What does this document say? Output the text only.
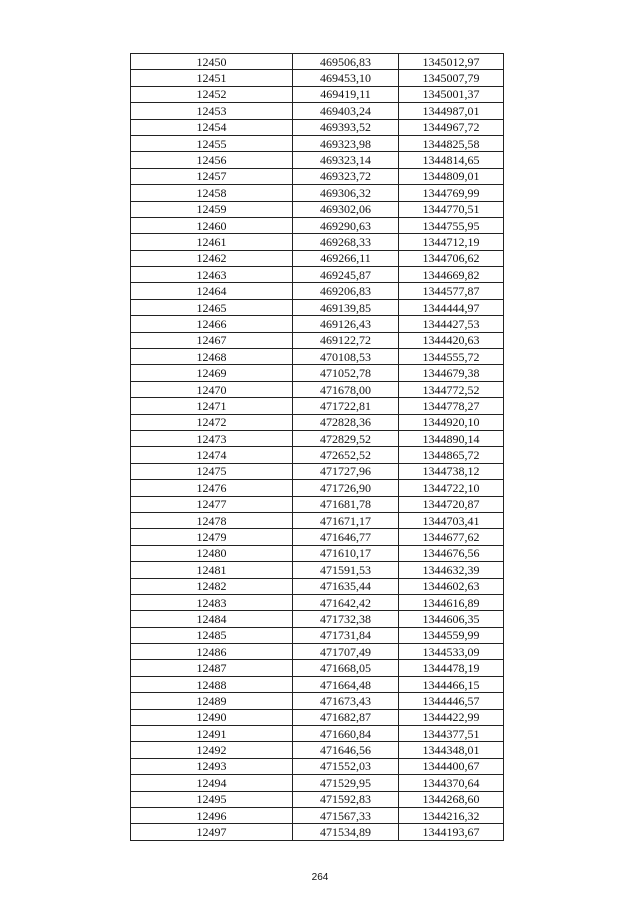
12450	469506,83	1345012,97
12451	469453,10	1345007,79
12452	469419,11	1345001,37
12453	469403,24	1344987,01
12454	469393,52	1344967,72
12455	469323,98	1344825,58
12456	469323,14	1344814,65
12457	469323,72	1344809,01
12458	469306,32	1344769,99
12459	469302,06	1344770,51
12460	469290,63	1344755,95
12461	469268,33	1344712,19
12462	469266,11	1344706,62
12463	469245,87	1344669,82
12464	469206,83	1344577,87
12465	469139,85	1344444,97
12466	469126,43	1344427,53
12467	469122,72	1344420,63
12468	470108,53	1344555,72
12469	471052,78	1344679,38
12470	471678,00	1344772,52
12471	471722,81	1344778,27
12472	472828,36	1344920,10
12473	472829,52	1344890,14
12474	472652,52	1344865,72
12475	471727,96	1344738,12
12476	471726,90	1344722,10
12477	471681,78	1344720,87
12478	471671,17	1344703,41
12479	471646,77	1344677,62
12480	471610,17	1344676,56
12481	471591,53	1344632,39
12482	471635,44	1344602,63
12483	471642,42	1344616,89
12484	471732,38	1344606,35
12485	471731,84	1344559,99
12486	471707,49	1344533,09
12487	471668,05	1344478,19
12488	471664,48	1344466,15
12489	471673,43	1344446,57
12490	471682,87	1344422,99
12491	471660,84	1344377,51
12492	471646,56	1344348,01
12493	471552,03	1344400,67
12494	471529,95	1344370,64
12495	471592,83	1344268,60
12496	471567,33	1344216,32
12497	471534,89	1344193,67
264
